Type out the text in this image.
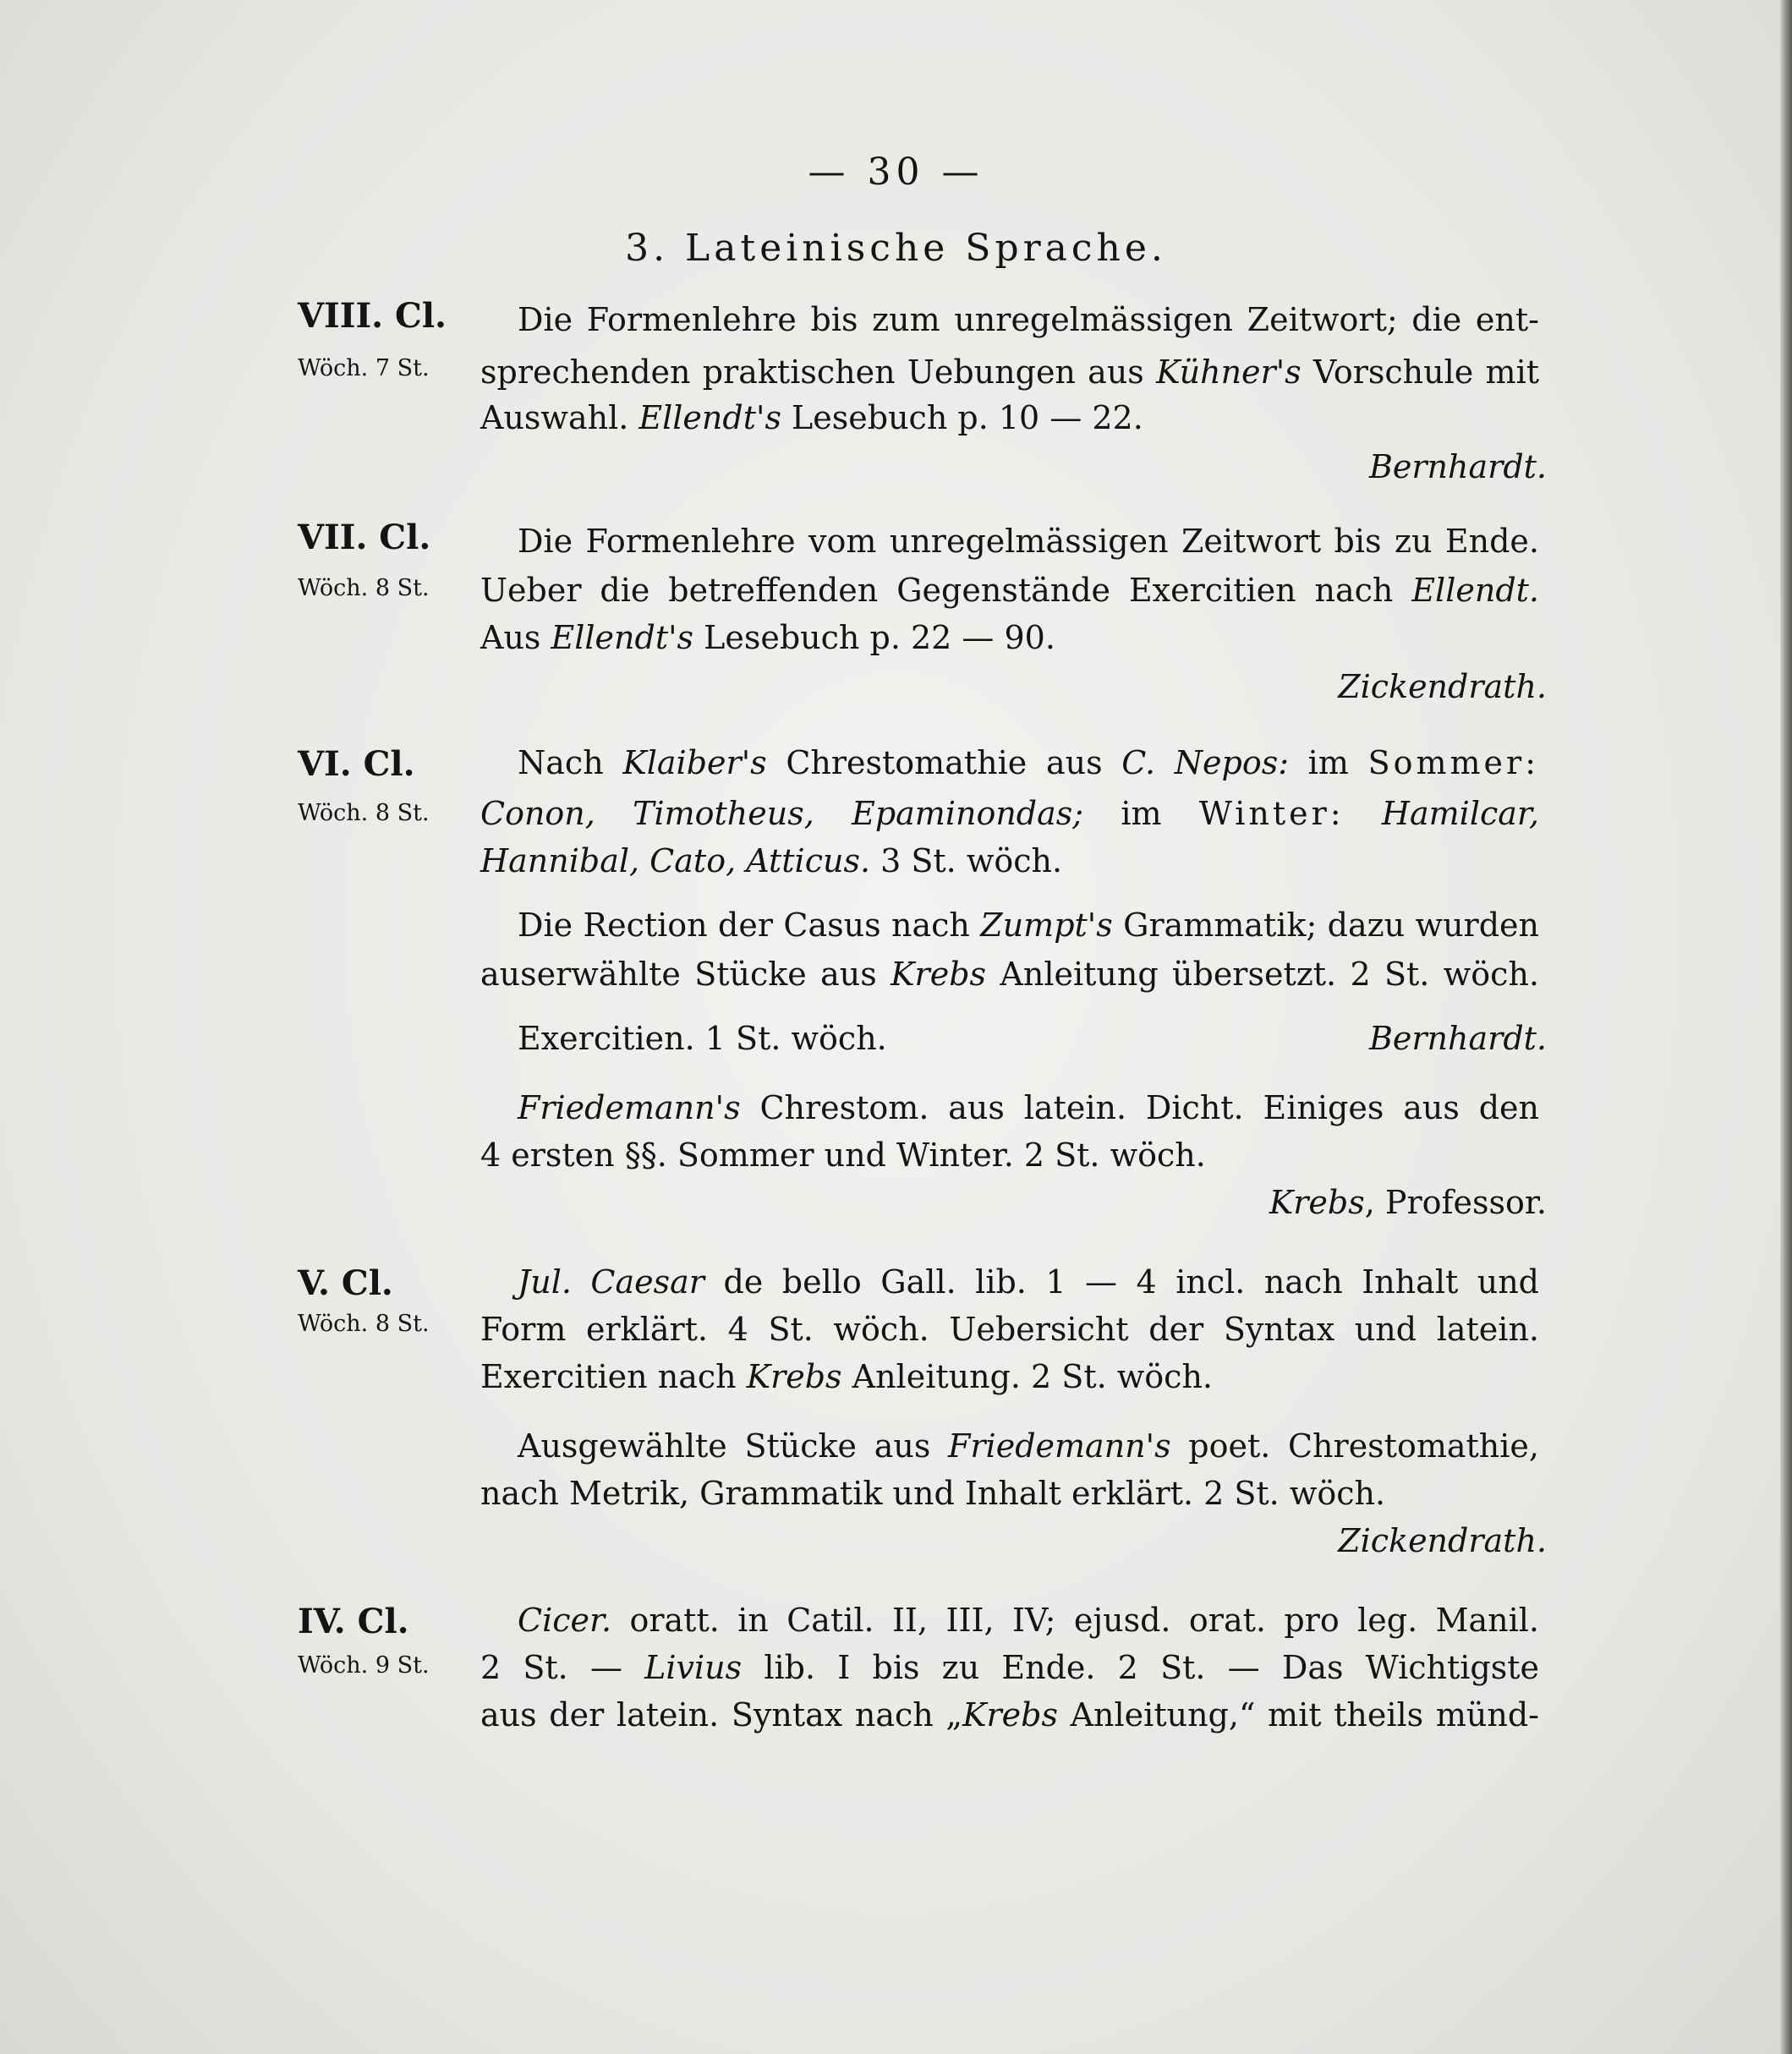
— 30 —
3. Lateinische Sprache.
VIII. Cl.
Wöch. 7 St.
Die Formenlehre bis zum unregelmässigen Zeitwort; die ent-
sprechenden praktischen Uebungen aus Kühner's Vorschule mit
Auswahl. Ellendt's Lesebuch p. 10 — 22.
Bernhardt.
VII. Cl.
Wöch. 8 St.
Die Formenlehre vom unregelmässigen Zeitwort bis zu Ende.
Ueber die betreffenden Gegenstände Exercitien nach Ellendt.
Aus Ellendt's Lesebuch p. 22 — 90.
Zickendrath.
VI. Cl.
Wöch. 8 St.
Nach Klaiber's Chrestomathie aus C. Nepos: im Sommer:
Conon, Timotheus, Epaminondas; im Winter: Hamilcar,
Hannibal, Cato, Atticus. 3 St. wöch.
Die Rection der Casus nach Zumpt's Grammatik; dazu wurden
auserwählte Stücke aus Krebs Anleitung übersetzt. 2 St. wöch.
Exercitien. 1 St. wöch.	Bernhardt.
Friedemann's Chrestom. aus latein. Dicht. Einiges aus den
4 ersten §§. Sommer und Winter. 2 St. wöch.
Krebs, Professor.
V. Cl.
Wöch. 8 St.
Jul. Caesar de bello Gall. lib. 1 — 4 incl. nach Inhalt und
Form erklärt. 4 St. wöch. Uebersicht der Syntax und latein.
Exercitien nach Krebs Anleitung. 2 St. wöch.
Ausgewählte Stücke aus Friedemann's poet. Chrestomathie,
nach Metrik, Grammatik und Inhalt erklärt. 2 St. wöch.
Zickendrath.
IV. Cl.
Wöch. 9 St.
Cicer. oratt. in Catil. II, III, IV; ejusd. orat. pro leg. Manil.
2 St. — Livius lib. I bis zu Ende. 2 St. — Das Wichtigste
aus der latein. Syntax nach „Krebs Anleitung,“ mit theils münd-
